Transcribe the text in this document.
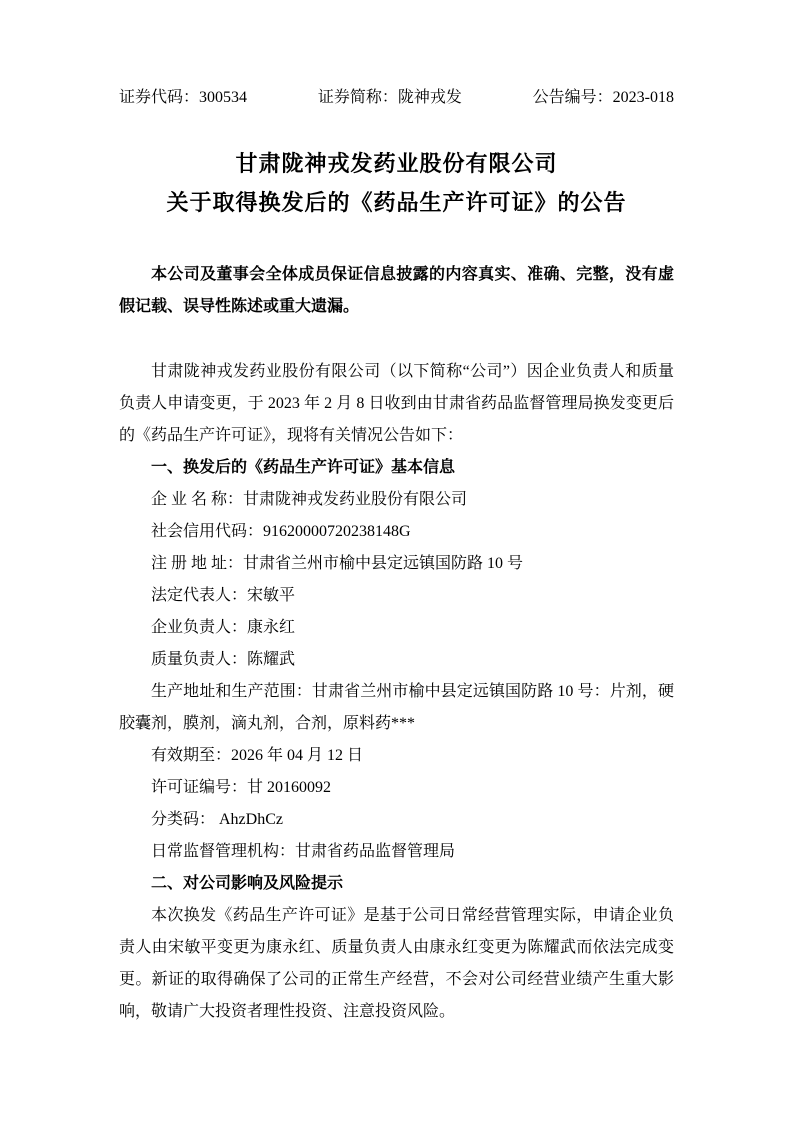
证券代码：300534	证券简称：陇神戎发	公告编号：2023-018
甘肃陇神戎发药业股份有限公司
关于取得换发后的《药品生产许可证》的公告

本公司及董事会全体成员保证信息披露的内容真实、准确、完整，没有虚假记载、误导性陈述或重大遗漏。

甘肃陇神戎发药业股份有限公司（以下简称“公司”）因企业负责人和质量负责人申请变更，于 2023 年 2 月 8 日收到由甘肃省药品监督管理局换发变更后的《药品生产许可证》，现将有关情况公告如下：

一、换发后的《药品生产许可证》基本信息

企 业 名 称：甘肃陇神戎发药业股份有限公司

社会信用代码：91620000720238148G

注 册 地 址：甘肃省兰州市榆中县定远镇国防路 10 号

法定代表人：宋敏平

企业负责人：康永红

质量负责人：陈耀武

生产地址和生产范围：甘肃省兰州市榆中县定远镇国防路 10 号：片剂，硬胶囊剂，膜剂，滴丸剂，合剂，原料药***

有效期至：2026 年 04 月 12 日

许可证编号：甘 20160092

分类码： AhzDhCz

日常监督管理机构：甘肃省药品监督管理局

二、对公司影响及风险提示

本次换发《药品生产许可证》是基于公司日常经营管理实际，申请企业负责人由宋敏平变更为康永红、质量负责人由康永红变更为陈耀武而依法完成变更。新证的取得确保了公司的正常生产经营，不会对公司经营业绩产生重大影响，敬请广大投资者理性投资、注意投资风险。
